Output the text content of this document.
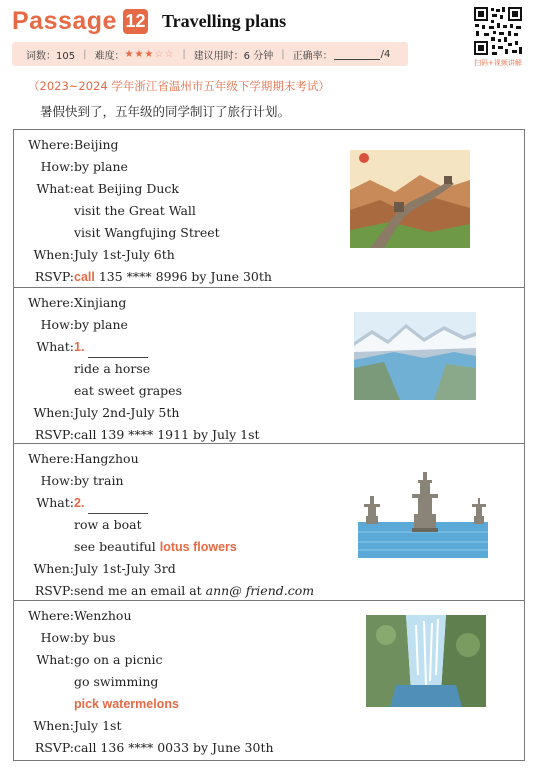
Passage 12 Travelling plans
扫码+视频讲解
词数：105 | 难度： ★★★☆☆ | 建议用时：6 分钟 | 正确率：	/4
（2023~2024 学年浙江省温州市五年级下学期期末考试）
暑假快到了，五年级的同学制订了旅行计划。
Where: Beijing
How: by plane
What: eat Beijing Duck
visit the Great Wall
visit Wangfujing Street
When: July 1st-July 6th
RSVP: call 135 **** 8996 by June 30th
Where: Xinjiang
How: by plane
What: 1.
ride a horse
eat sweet grapes
When: July 2nd-July 5th
RSVP: call 139 **** 1911 by July 1st
Where: Hangzhou
How: by train
What: 2.
row a boat
see beautiful lotus flowers
When: July 1st-July 3rd
RSVP: send me an email at ann@ friend.com
Where: Wenzhou
How: by bus
What: go on a picnic
go swimming
pick watermelons
When: July 1st
RSVP: call 136 **** 0033 by June 30th
